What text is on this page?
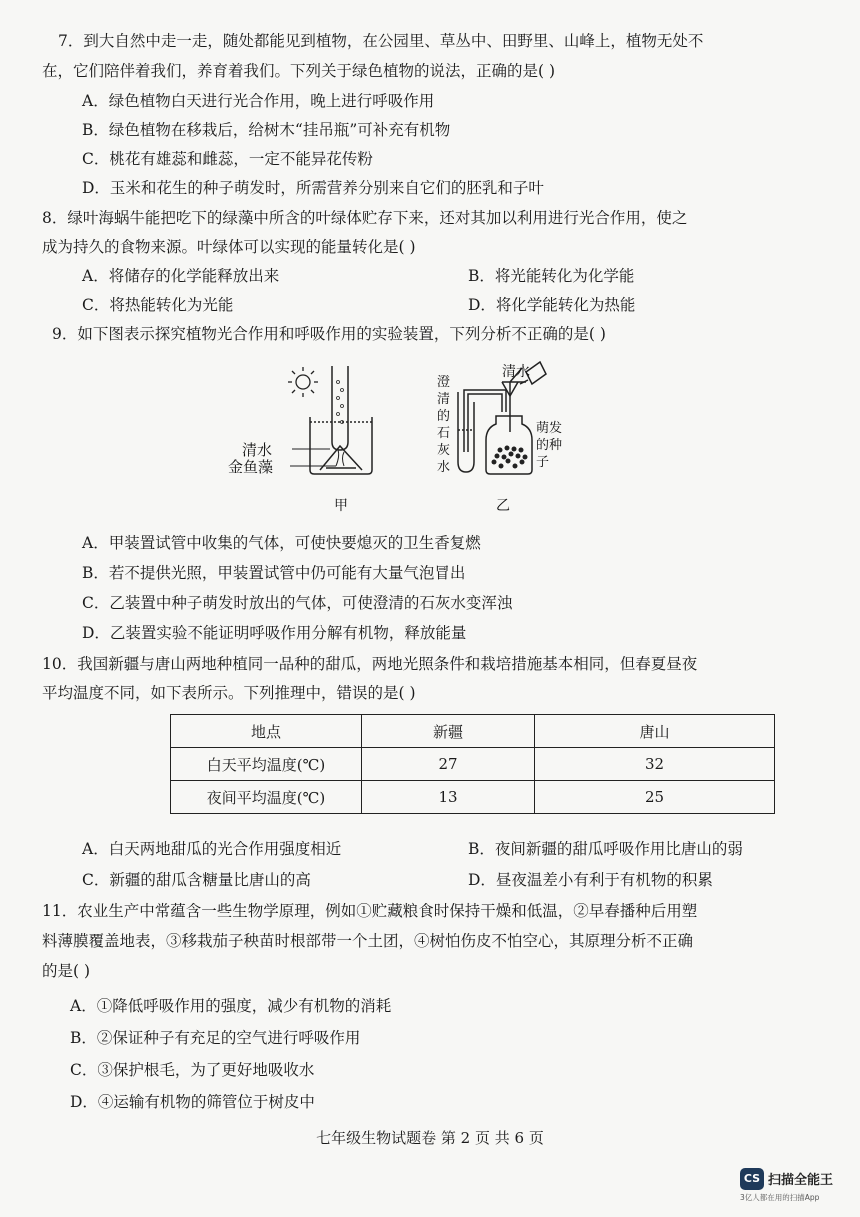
7．到大自然中走一走，随处都能见到植物，在公园里、草丛中、田野里、山峰上，植物无处不
在，它们陪伴着我们，养育着我们。下列关于绿色植物的说法，正确的是( )
A．绿色植物白天进行光合作用，晚上进行呼吸作用
B．绿色植物在移栽后，给树木“挂吊瓶”可补充有机物
C．桃花有雄蕊和雌蕊，一定不能异花传粉
D．玉米和花生的种子萌发时，所需营养分别来自它们的胚乳和子叶
8．绿叶海蜗牛能把吃下的绿藻中所含的叶绿体贮存下来，还对其加以利用进行光合作用，使之
成为持久的食物来源。叶绿体可以实现的能量转化是( )
A．将储存的化学能释放出来	B．将光能转化为化学能
C．将热能转化为光能	D．将化学能转化为热能
9．如下图表示探究植物光合作用和呼吸作用的实验装置，下列分析不正确的是( )
清水
金鱼藻
甲
清水
澄
清
的
石
灰
水
萌发
的种
子
乙
A．甲装置试管中收集的气体，可使快要熄灭的卫生香复燃
B．若不提供光照，甲装置试管中仍可能有大量气泡冒出
C．乙装置中种子萌发时放出的气体，可使澄清的石灰水变浑浊
D．乙装置实验不能证明呼吸作用分解有机物，释放能量
10．我国新疆与唐山两地种植同一品种的甜瓜，两地光照条件和栽培措施基本相同，但春夏昼夜
平均温度不同，如下表所示。下列推理中，错误的是( )
地点	新疆	唐山
白天平均温度(℃)	27	32
夜间平均温度(℃)	13	25
A．白天两地甜瓜的光合作用强度相近	B．夜间新疆的甜瓜呼吸作用比唐山的弱
C．新疆的甜瓜含糖量比唐山的高	D．昼夜温差小有利于有机物的积累
11．农业生产中常蕴含一些生物学原理，例如①贮藏粮食时保持干燥和低温，②早春播种后用塑
料薄膜覆盖地表，③移栽茄子秧苗时根部带一个土团，④树怕伤皮不怕空心，其原理分析不正确
的是( )
A．①降低呼吸作用的强度，减少有机物的消耗
B．②保证种子有充足的空气进行呼吸作用
C．③保护根毛，为了更好地吸收水
D．④运输有机物的筛管位于树皮中
七年级生物试题卷 第 2 页 共 6 页
CS 扫描全能王
3亿人都在用的扫描App
